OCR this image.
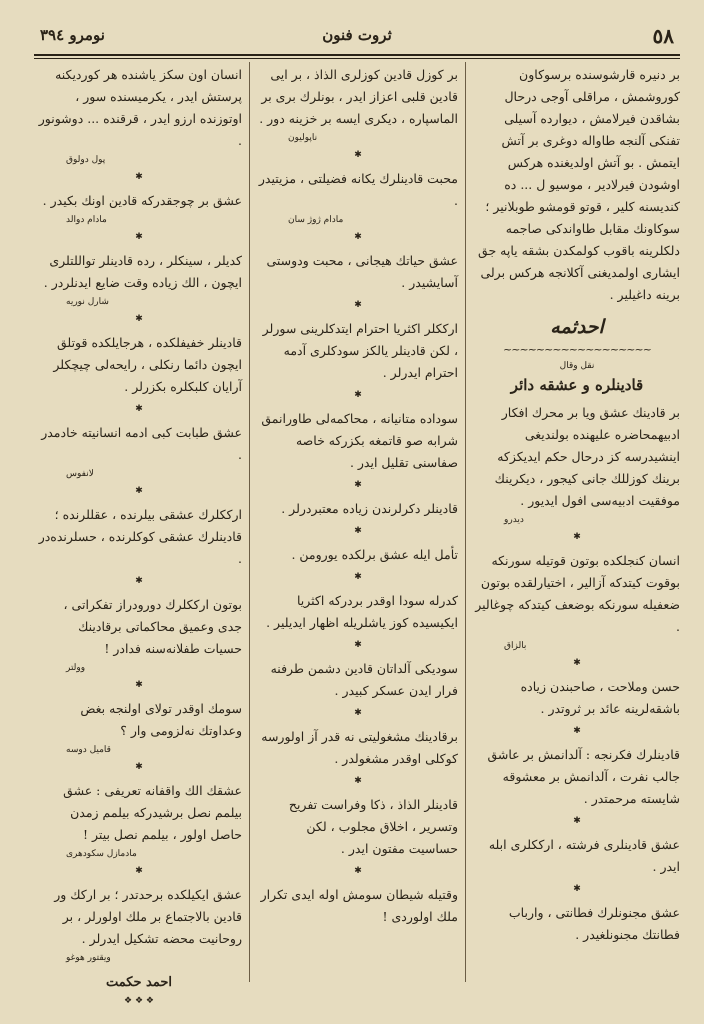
٥٨
ثروت فنون
نومرو ٣٩٤

بر دنیره قارشوسنده برسوکاون کوروشمش ، مراقلی آوجی درحال بشاقدن فیرلامش ، دیوارده آسیلی تفنکی آلنجه طاواله دوغری بر آتش ایتمش . بو آتش اولدیغنده هرکس اوشودن فیرلادیر ، موسیو ل ... ده کندیسنه کلیر ، قوتو قومشو طوبلانیر ؛ سوکاونك مقابل طاواندکی صاجمه دلکلرینه باقوب کولمکدن بشقه یاپه جق ایشاری اولمدیغنی آکلانجه هرکس برلی برینه داغیلیر .

احدثمه
~~~~~~~~~~~~~~~~~~
نقل وقال
قادینلره و عشقه دائر

بر قادینك عشق ویا بر محرك افکار ادبیهمحاضره علیهنده بولندیغی اینشیدرسه کز درحال حکم ایدیکزکه برینك کوزللك جانی کیجور ، دیکرینك موفقیت ادبیه‌سی افول ایدیور .

دیدرو
✱

انسان کنجلکده بوتون قوتیله‌ سورنکه بوقوت کیتدکه آزالیر ، اختیارلقده بوتون ضعفیله سورنکه بوضعف کیتدکه چوغالیر .

بالزاق
✱

حسن وملاحت ، صاحبندن زیاده باشقه‌لرینه عائد بر ثروتدر .

✱

قادینلرك فکرنجه : آلدانمش بر عاشق جالب نفرت ، آلدانمش بر معشوقه شایسته مرحمتدر .

✱

عشق قادینلری فرشته ، ارککلری ابله ایدر .

✱

عشق مجنونلرك فطانتی ، وارباب فطانتك مجنونلغیدر .

بر کوزل قادین کوزلری الذاذ ، بر ایی قادین قلبی اعزاز ایدر ، بونلرك بری بر الماسپاره ، دیکری ایسه بر خزینه‌ دور .

ناپولیون
✱

محبت قادینلرك یکانه فضیلتی ، مزیتیدر .

مادام ژوژ سان
✱

عشق حیاتك هیجانی ، محبت ودوستی آسایشیدر .

✱

ارککلر اکثریا احترام ایتدکلرینی سورلر ، لکن قادینلر یالکز سودکلری آدمه احترام ایدرلر .

✱

سوداده متانیانه ، محاکمه‌لی طاورانمق شرابه صو قاتمغه بکزرکه خاصه صفاسنی تقلیل ایدر .

✱

قادینلر دکرلرندن زیاده معتبردرلر .

✱

تأمل ایله عشق برلکده یورومن .

✱

کدرله سودا اوقدر بردرکه اکثریا ایکیسیده کوز یاشلریله اظهار ایدیلیر .

✱

سودیکی آلداتان قادین دشمن طرفنه فرار ایدن عسکر کبیدر .

✱

برقادینك مشغولیتی نه‌ قدر آز اولورسه کوکلی اوقدر مشغولدر .

✱

قادینلر الذاذ ، ذکا وفراست تفریح وتسریر ، اخلاق مجلوب ، لکن حساسیت مفتون ایدر .

✱

وقتیله شیطان سومش اوله ایدی تکرار ملك اولوردی !

انسان اون سکز یاشنده هر کوردیکنه پرستش ایدر ، یکرمیسنده سور ، اوتوزنده ارزو ایدر ، قرقنده ... دوشونور .

پول دولوق
✱

عشق بر چوجقدرکه قادین اونك بکیدر .

مادام دوالد
✱

کدیلر ، سینکلر ، رده قادینلر تواللتلری ایچون ، الك زیاده وقت ضایع ایدنلردر .

شارل نوریه
✱

قادینلر خفیفلکده ، هرجایلکده قوتلق ایچون دائما رنکلی ، رایحه‌لی چیچکلر آرایان کلبکلره بکزرلر .

✱

عشق طبابت کبی ادمه انسانیته خادمدر .

لانفوس
✱

ارککلرك عشقی بیلرنده ، عقللرنده ؛ قادینلرك عشقی کوکلرنده ، حسلرنده‌در .

✱

بوتون ارککلرك دورودراز تفکراتی ، جدی وعمیق محاکماتی برقادینك حسیات طفلانه‌سنه فدادر !

وولتر
✱

سومك اوقدر تولای اولنجه بغض وعداوتك نه‌لزومی وار ؟

قامیل دوسه
✱

عشقك الك واقفانه تعریفی : عشق بیلمم نصل برشیدرکه بیلمم زمدن حاصل اولور ، بیلمم نصل بیتر !

مادمازل سکودهری
✱

عشق ایکیلکده برحدتدر ؛ بر ارکك ور قادین بالاجتماع بر ملك اولورلر ، بر روحانیت محضه تشکیل ایدرلر .

ویقتور هوغو
احمد حکمت
❖ ❖ ❖
